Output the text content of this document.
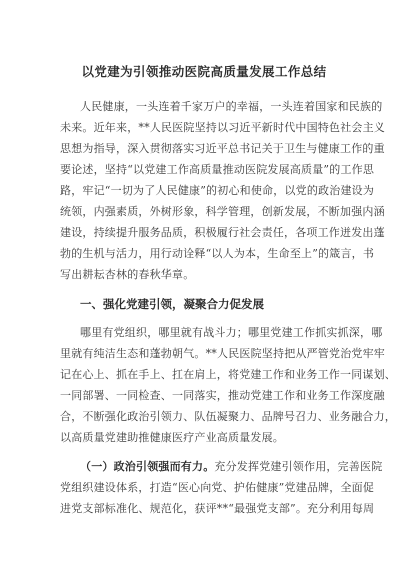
以党建为引领推动医院高质量发展工作总结
人民健康，一头连着千家万户的幸福，一头连着国家和民族的
未来。近年来，**人民医院坚持以习近平新时代中国特色社会主义
思想为指导，深入贯彻落实习近平总书记关于卫生与健康工作的重
要论述，坚持“以党建工作高质量推动医院发展高质量”的工作思
路，牢记“一切为了人民健康”的初心和使命，以党的政治建设为
统领，内强素质，外树形象，科学管理，创新发展，不断加强内涵
建设，持续提升服务品质，积极履行社会责任，各项工作迸发出蓬
勃的生机与活力，用行动诠释“以人为本，生命至上”的箴言，书
写出耕耘杏林的春秋华章。
一、强化党建引领，凝聚合力促发展
哪里有党组织，哪里就有战斗力；哪里党建工作抓实抓深，哪
里就有纯洁生态和蓬勃朝气。**人民医院坚持把从严管党治党牢牢
记在心上、抓在手上、扛在肩上，将党建工作和业务工作一同谋划、
一同部署、一同检查、一同落实，推动党建工作和业务工作深度融
合，不断强化政治引领力、队伍凝聚力、品牌号召力、业务融合力，
以高质量党建助推健康医疗产业高质量发展。
（一）政治引领强而有力。充分发挥党建引领作用，完善医院
党组织建设体系，打造“医心向党、护佑健康”党建品牌，全面促
进党支部标准化、规范化，获评**“最强党支部”。充分利用每周
